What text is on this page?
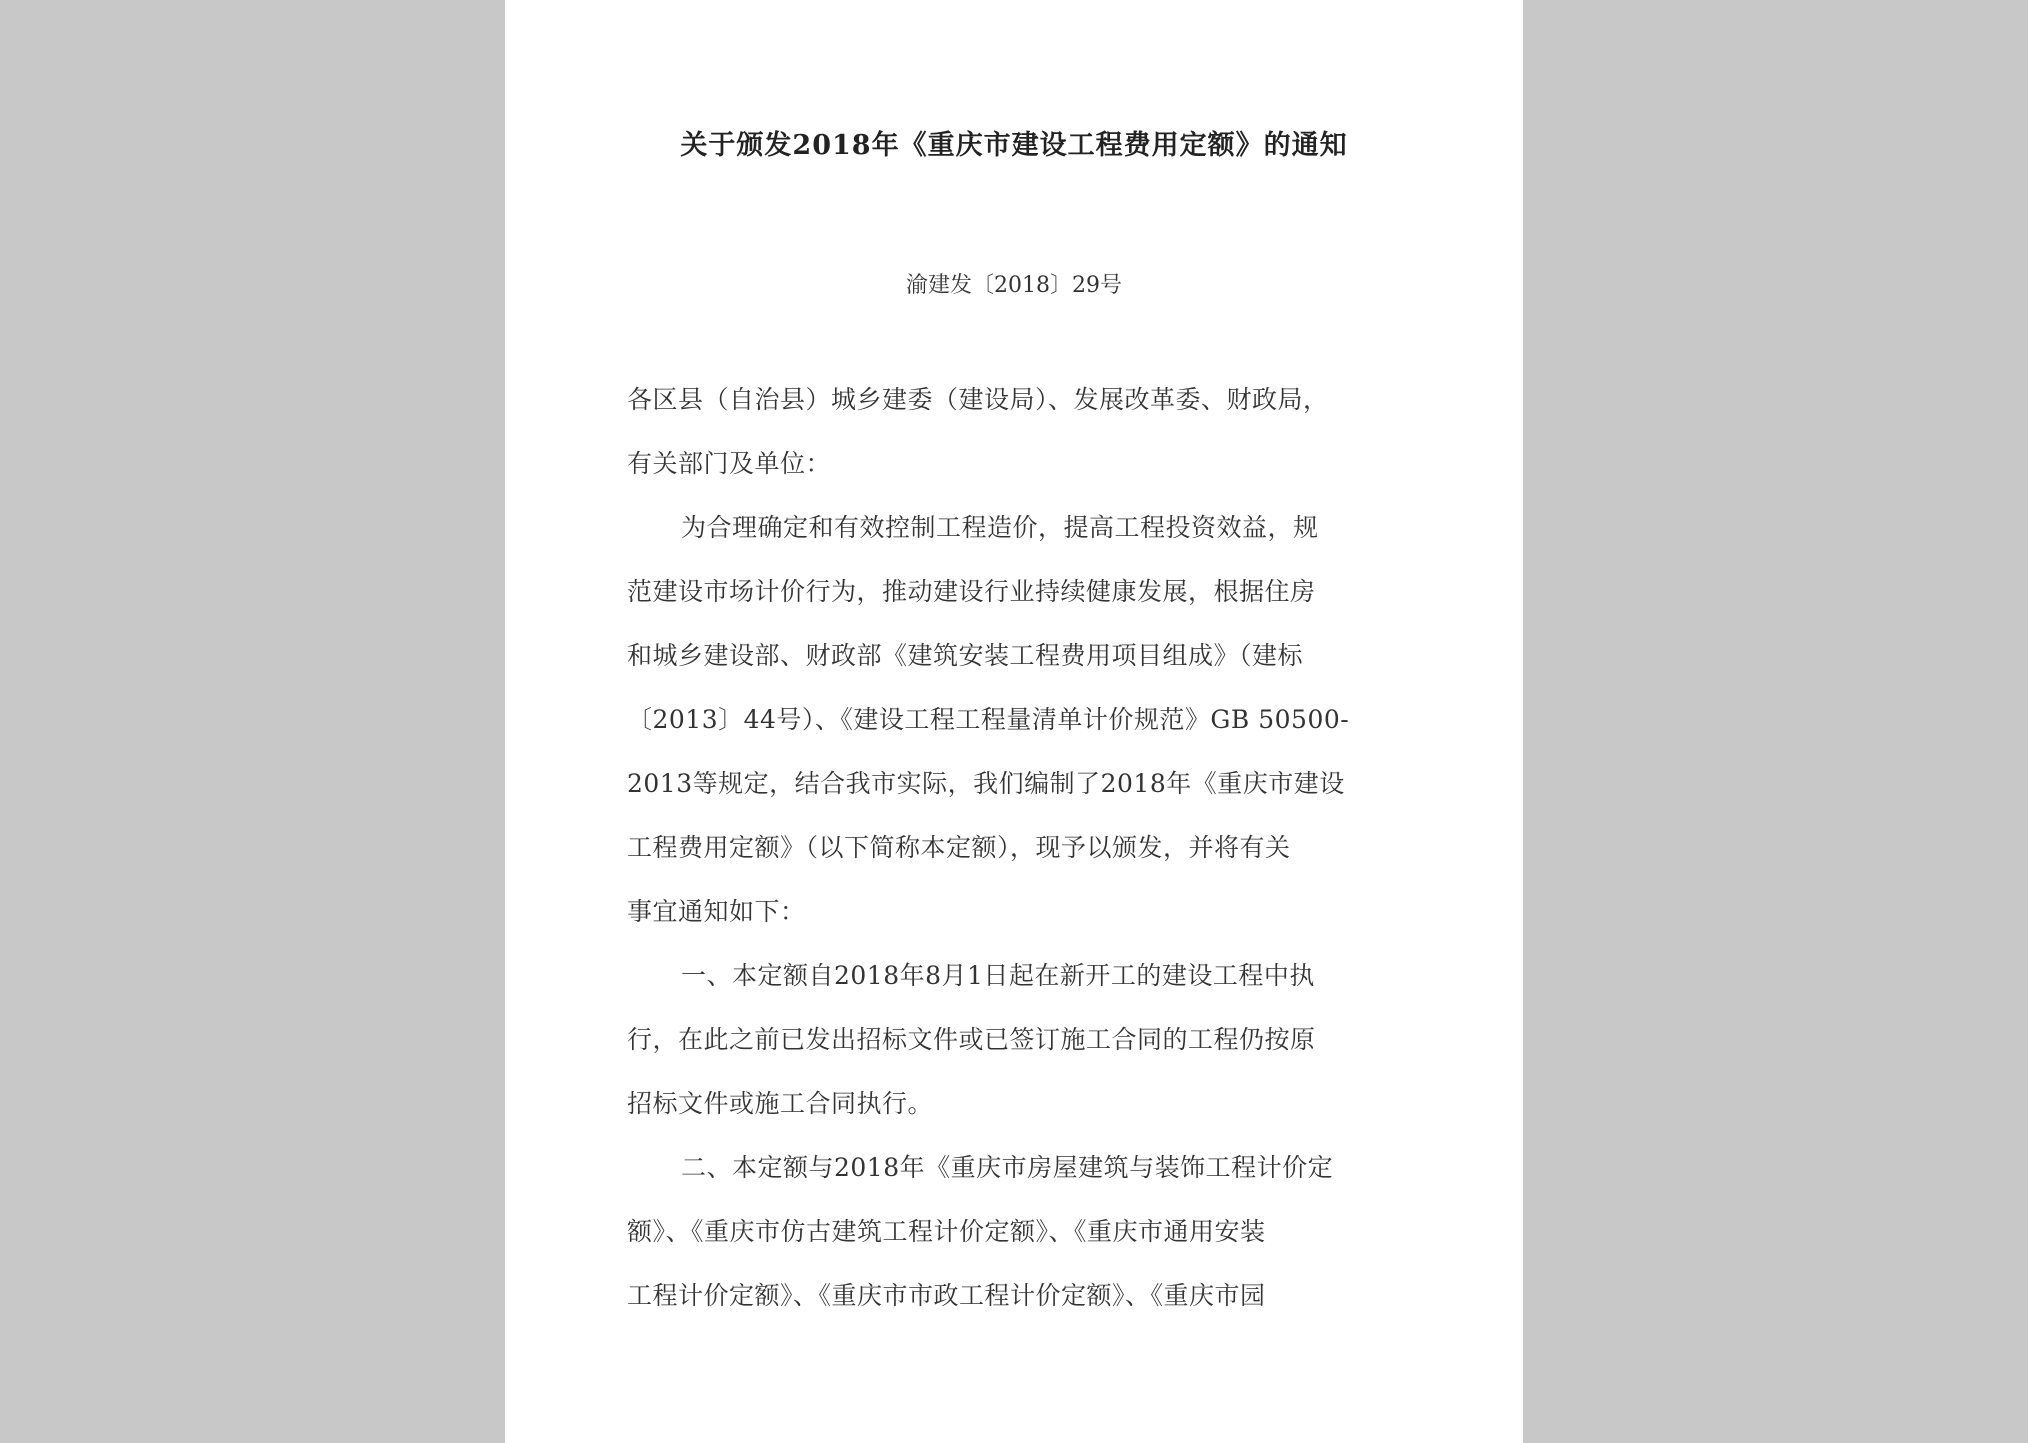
关于颁发2018年《重庆市建设工程费用定额》的通知
渝建发〔2018〕29号
各区县（自治县）城乡建委（建设局）、发展改革委、财政局，
有关部门及单位：
为合理确定和有效控制工程造价，提高工程投资效益，规
范建设市场计价行为，推动建设行业持续健康发展，根据住房
和城乡建设部、财政部《建筑安装工程费用项目组成》（建标
〔2013〕44号）、《建设工程工程量清单计价规范》GB 50500-
2013等规定，结合我市实际，我们编制了2018年《重庆市建设
工程费用定额》（以下简称本定额），现予以颁发，并将有关
事宜通知如下：
一、本定额自2018年8月1日起在新开工的建设工程中执
行，在此之前已发出招标文件或已签订施工合同的工程仍按原
招标文件或施工合同执行。
二、本定额与2018年《重庆市房屋建筑与装饰工程计价定
额》、《重庆市仿古建筑工程计价定额》、《重庆市通用安装
工程计价定额》、《重庆市市政工程计价定额》、《重庆市园
